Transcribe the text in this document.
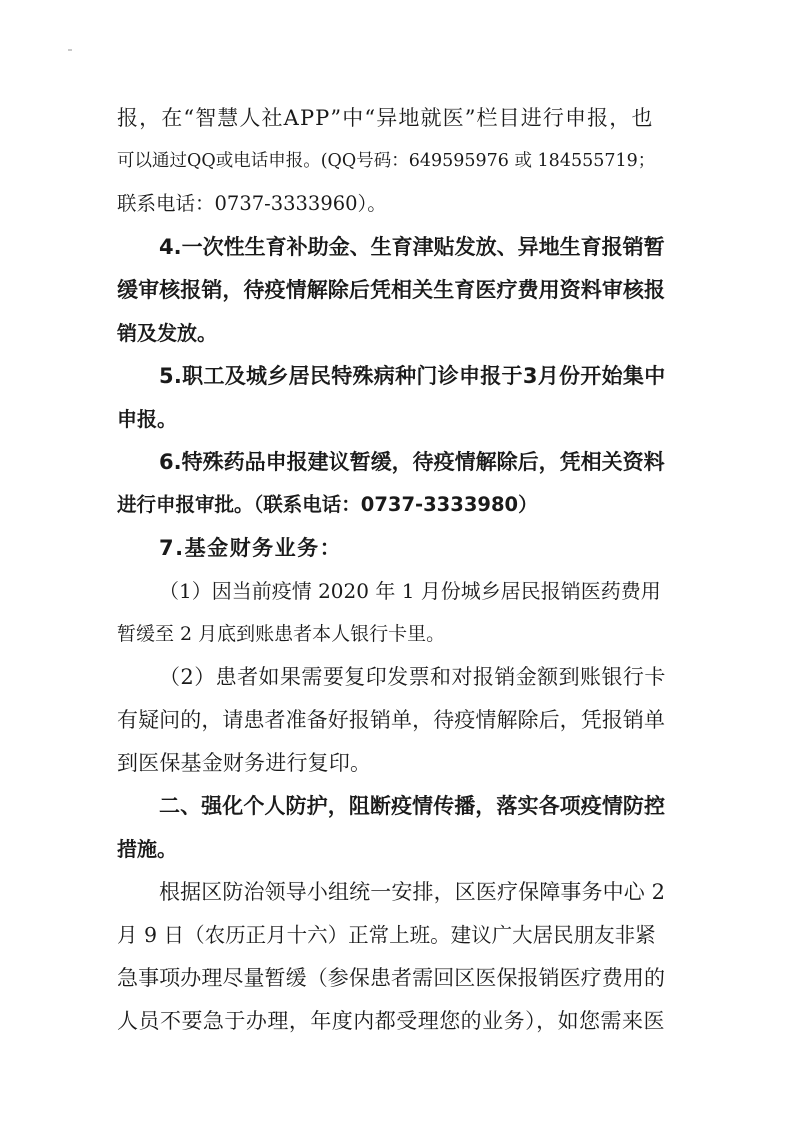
报，在“智慧人社APP”中“异地就医”栏目进行申报，也
可以通过QQ或电话申报。(QQ号码：649595976 或 184555719；
联系电话：0737-3333960）。
4.一次性生育补助金、生育津贴发放、异地生育报销暂
缓审核报销，待疫情解除后凭相关生育医疗费用资料审核报
销及发放。
5.职工及城乡居民特殊病种门诊申报于3月份开始集中
申报。
6.特殊药品申报建议暂缓，待疫情解除后，凭相关资料
进行申报审批。（联系电话：0737-3333980）
7.基金财务业务：
（1）因当前疫情 2020 年 1 月份城乡居民报销医药费用
暂缓至 2 月底到账患者本人银行卡里。
（2）患者如果需要复印发票和对报销金额到账银行卡
有疑问的，请患者准备好报销单，待疫情解除后，凭报销单
到医保基金财务进行复印。
二、强化个人防护，阻断疫情传播，落实各项疫情防控
措施。
根据区防治领导小组统一安排，区医疗保障事务中心 2
月 9 日（农历正月十六）正常上班。建议广大居民朋友非紧
急事项办理尽量暂缓（参保患者需回区医保报销医疗费用的
人员不要急于办理，年度内都受理您的业务），如您需来医
